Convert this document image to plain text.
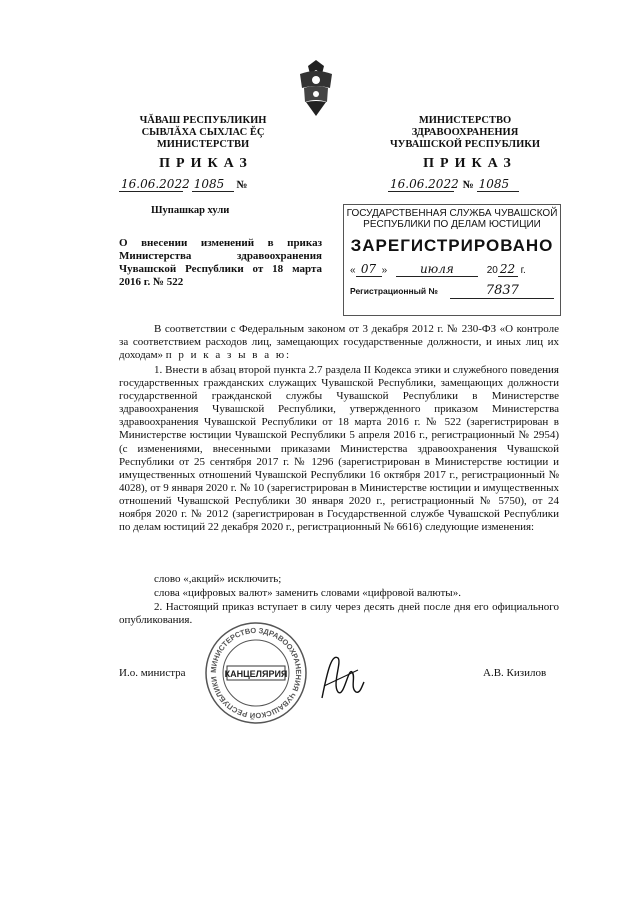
ЧĂВАШ РЕСПУБЛИКИН
СЫВЛĂХА СЫХЛАС ĔÇ
МИНИСТЕРСТВИ
МИНИСТЕРСТВО
ЗДРАВООХРАНЕНИЯ
ЧУВАШСКОЙ РЕСПУБЛИКИ
ПРИКАЗ	ПРИКАЗ
16.06.2022 1085 №	16.06.2022 № 1085
Шупашкар хули	ГОСУДАРСТВЕННАЯ СЛУЖБА ЧУВАШСКОЙ
РЕСПУБЛИКИ ПО ДЕЛАМ ЮСТИЦИИ
ЗАРЕГИСТРИРОВАНО
« 07 »	июля	20 22 г.
Регистрационный №	7837
О внесении изменений в приказ Министерства здравоохранения Чувашской Республики от 18 марта 2016 г. № 522
В соответствии с Федеральным законом от 3 декабря 2012 г. № 230-ФЗ «О контроле за соответствием расходов лиц, замещающих государственные должности, и иных лиц их доходам» п р и к а з ы в а ю:
1. Внести в абзац второй пункта 2.7 раздела II Кодекса этики и служебного поведения государственных гражданских служащих Чувашской Республики, замещающих должности государственной гражданской службы Чувашской Республики в Министерстве здравоохранения Чувашской Республики, утвержденного приказом Министерства здравоохранения Чувашской Республики от 18 марта 2016 г. № 522 (зарегистрирован в Министерстве юстиции Чувашской Республики 5 апреля 2016 г., регистрационный № 2954) (с изменениями, внесенными приказами Министерства здравоохранения Чувашской Республики от 25 сентября 2017 г. № 1296 (зарегистрирован в Министерстве юстиции и имущественных отношений Чувашской Республики 16 октября 2017 г., регистрационный № 4028), от 9 января 2020 г. № 10 (зарегистрирован в Министерстве юстиции и имущественных отношений Чувашской Республики 30 января 2020 г., регистрационный № 5750), от 24 ноября 2020 г. № 2012 (зарегистрирован в Государственной службе Чувашской Республики по делам юстиций 22 декабря 2020 г., регистрационный № 6616) следующие изменения:
слово «,акций» исключить;
слова «цифровых валют» заменить словами «цифровой валюты».
2. Настоящий приказ вступает в силу через десять дней после дня его официального опубликования.
МИНИСТЕРСТВО ЗДРАВООХРАНЕНИЯ ЧУВАШСКОЙ РЕСПУБЛИКИ
КАНЦЕЛЯРИЯ
И.о. министра	А.В. Кизилов
